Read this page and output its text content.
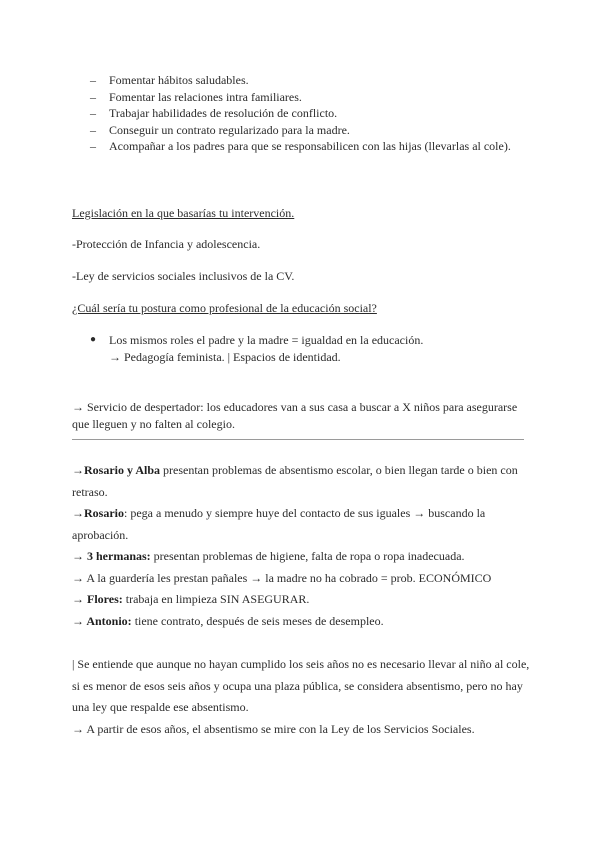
– Fomentar hábitos saludables.
– Fomentar las relaciones intra familiares.
– Trabajar habilidades de resolución de conflicto.
– Conseguir un contrato regularizado para la madre.
– Acompañar a los padres para que se responsabilicen con las hijas (llevarlas al cole).
Legislación en la que basarías tu intervención.
-Protección de Infancia y adolescencia.
-Ley de servicios sociales inclusivos de la CV.
¿Cuál sería tu postura como profesional de la educación social?
●	Los mismos roles el padre y la madre = igualdad en la educación.
→ Pedagogía feminista. | Espacios de identidad.
→ Servicio de despertador: los educadores van a sus casa a buscar a X niños para asegurarse que lleguen y no falten al colegio.
→Rosario y Alba presentan problemas de absentismo escolar, o bien llegan tarde o bien con retraso.
→Rosario: pega a menudo y siempre huye del contacto de sus iguales → buscando la aprobación.
→ 3 hermanas: presentan problemas de higiene, falta de ropa o ropa inadecuada.
→ A la guardería les prestan pañales → la madre no ha cobrado = prob. ECONÓMICO
→ Flores: trabaja en limpieza SIN ASEGURAR.
→ Antonio: tiene contrato, después de seis meses de desempleo.
| Se entiende que aunque no hayan cumplido los seis años no es necesario llevar al niño al cole, si es menor de esos seis años y ocupa una plaza pública, se considera absentismo, pero no hay una ley que respalde ese absentismo.
→ A partir de esos años, el absentismo se mire con la Ley de los Servicios Sociales.
